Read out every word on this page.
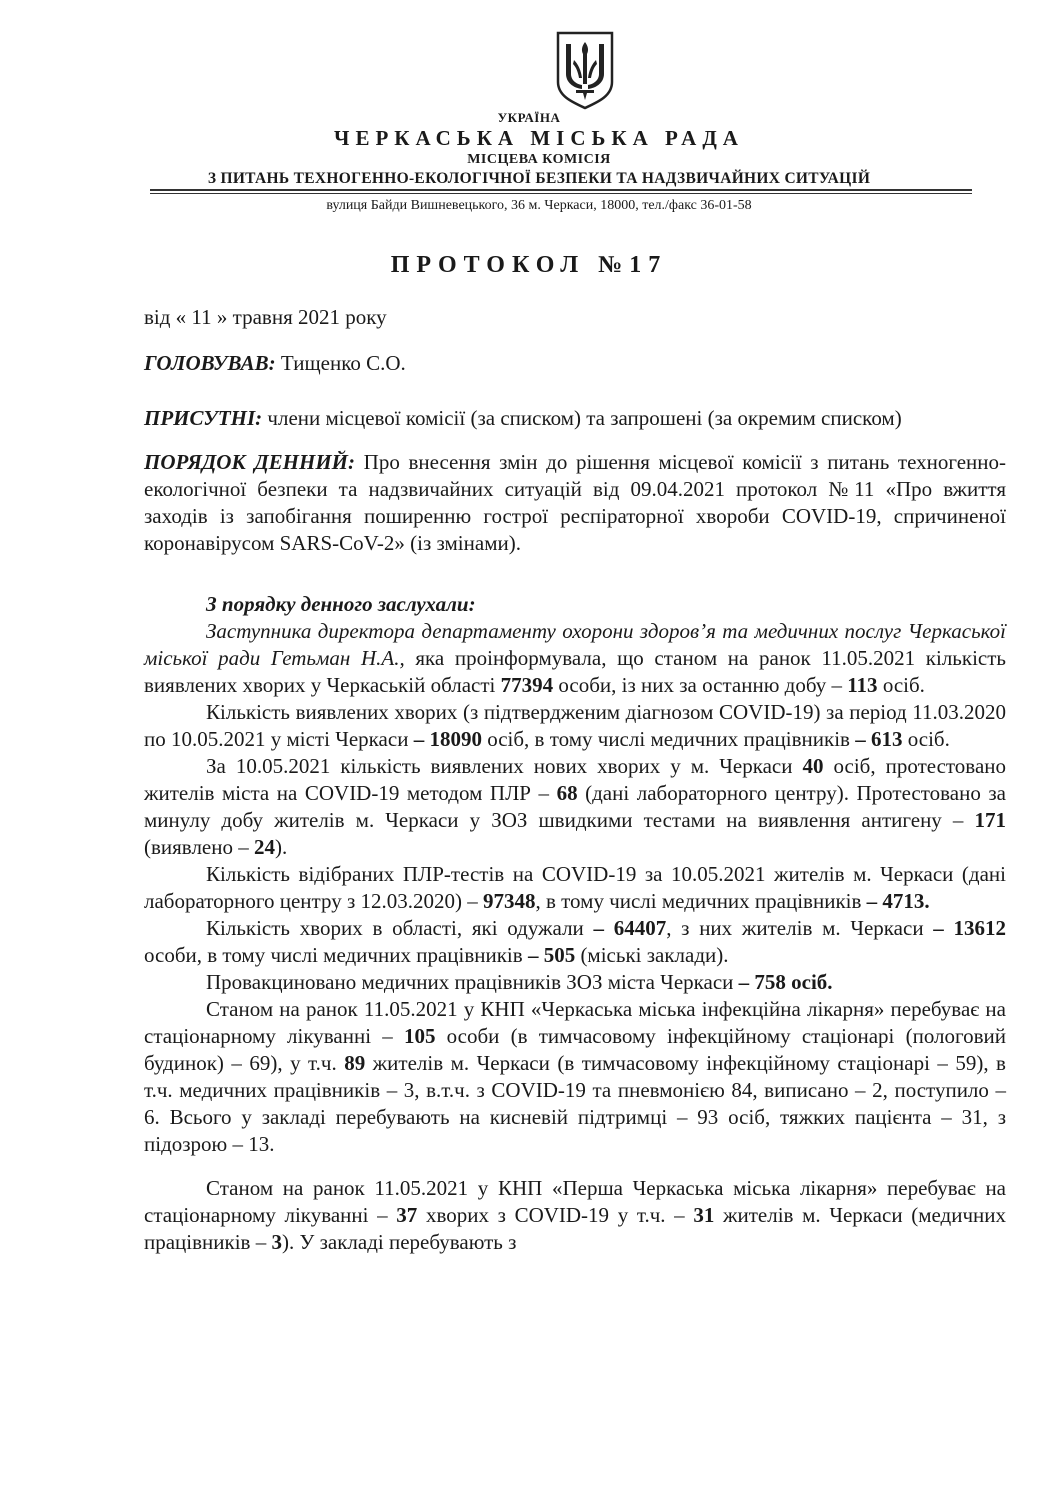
УКРАЇНА
ЧЕРКАСЬКА МІСЬКА РАДА
МІСЦЕВА КОМІСІЯ
З ПИТАНЬ ТЕХНОГЕННО-ЕКОЛОГІЧНОЇ БЕЗПЕКИ ТА НАДЗВИЧАЙНИХ СИТУАЦІЙ
вулиця Байди Вишневецького, 36 м. Черкаси, 18000, тел./факс 36-01-58
ПРОТОКОЛ №17

від « 11 » травня 2021 року

ГОЛОВУВАВ: Тищенко С.О.

ПРИСУТНІ: члени місцевої комісії (за списком) та запрошені (за окремим списком)

ПОРЯДОК ДЕННИЙ: Про внесення змін до рішення місцевої комісії з питань техногенно-екологічної безпеки та надзвичайних ситуацій від 09.04.2021 протокол №11 «Про вжиття заходів із запобігання поширенню гострої респіраторної хвороби COVID-19, спричиненої коронавірусом SARS-CoV-2» (із змінами).

З порядку денного заслухали:

Заступника директора департаменту охорони здоров’я та медичних послуг Черкаської міської ради Гетьман Н.А., яка проінформувала, що станом на ранок 11.05.2021 кількість виявлених хворих у Черкаській області 77394 особи, із них за останню добу – 113 осіб.

Кількість виявлених хворих (з підтвердженим діагнозом COVID-19) за період 11.03.2020 по 10.05.2021 у місті Черкаси – 18090 осіб, в тому числі медичних працівників – 613 осіб.

За 10.05.2021 кількість виявлених нових хворих у м. Черкаси 40 осіб, протестовано жителів міста на COVID-19 методом ПЛР – 68 (дані лабораторного центру). Протестовано за минулу добу жителів м. Черкаси у ЗОЗ швидкими тестами на виявлення антигену – 171 (виявлено – 24).

Кількість відібраних ПЛР-тестів на COVID-19 за 10.05.2021 жителів м. Черкаси (дані лабораторного центру з 12.03.2020) – 97348, в тому числі медичних працівників – 4713.

Кількість хворих в області, які одужали – 64407, з них жителів м. Черкаси – 13612 особи, в тому числі медичних працівників – 505 (міські заклади).

Провакциновано медичних працівників ЗОЗ міста Черкаси – 758 осіб.

Станом на ранок 11.05.2021 у КНП «Черкаська міська інфекційна лікарня» перебуває на стаціонарному лікуванні – 105 особи (в тимчасовому інфекційному стаціонарі (пологовий будинок) – 69), у т.ч. 89 жителів м. Черкаси (в тимчасовому інфекційному стаціонарі – 59), в т.ч. медичних працівників – 3, в.т.ч. з COVID-19 та пневмонією 84, виписано – 2, поступило – 6. Всього у закладі перебувають на кисневій підтримці – 93 осіб, тяжких пацієнта – 31, з підозрою – 13.

Станом на ранок 11.05.2021 у КНП «Перша Черкаська міська лікарня» перебуває на стаціонарному лікуванні – 37 хворих з COVID-19 у т.ч. – 31 жителів м. Черкаси (медичних працівників – 3). У закладі перебувають з
